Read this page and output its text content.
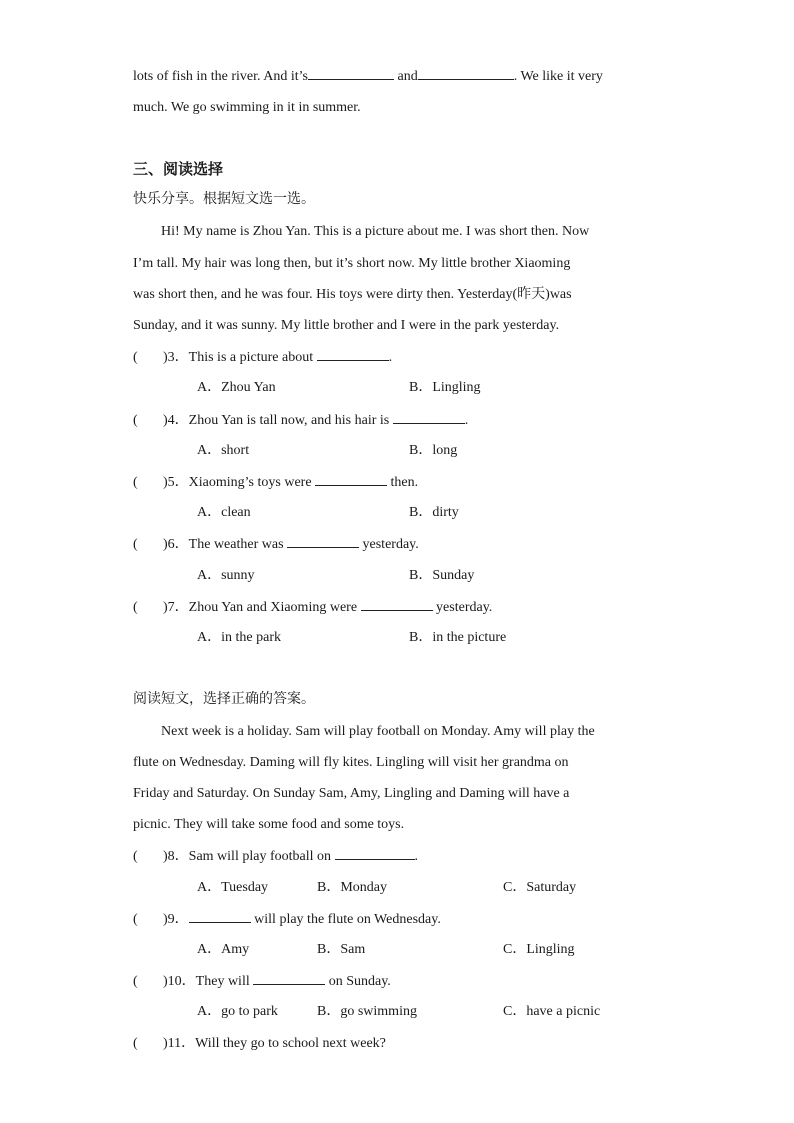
lots of fish in the river. And it’s	and	. We like it very
much. We go swimming in it in summer.
三、阅读选择
快乐分享。根据短文选一选。
Hi! My name is Zhou Yan. This is a picture about me. I was short then. Now
I’m tall. My hair was long then, but it’s short now. My little brother Xiaoming
was short then, and he was four. His toys were dirty then. Yesterday(昨天)was
Sunday, and it was sunny. My little brother and I were in the park yesterday.
( )3．This is a picture about	.
A．Zhou Yan	B．Lingling
( )4．Zhou Yan is tall now, and his hair is	.
A．short	B．long
( )5．Xiaoming’s toys were	then.
A．clean	B．dirty
( )6．The weather was	yesterday.
A．sunny	B．Sunday
( )7．Zhou Yan and Xiaoming were	yesterday.
A．in the park	B．in the picture
阅读短文，选择正确的答案。
Next week is a holiday. Sam will play football on Monday. Amy will play the
flute on Wednesday. Daming will fly kites. Lingling will visit her grandma on
Friday and Saturday. On Sunday Sam, Amy, Lingling and Daming will have a
picnic. They will take some food and some toys.
( )8．Sam will play football on	.
A．Tuesday	B．Monday	C．Saturday
( )9．	will play the flute on Wednesday.
A．Amy	B．Sam	C．Lingling
( )10．They will	on Sunday.
A．go to park	B．go swimming	C．have a picnic
( )11．Will they go to school next week?
